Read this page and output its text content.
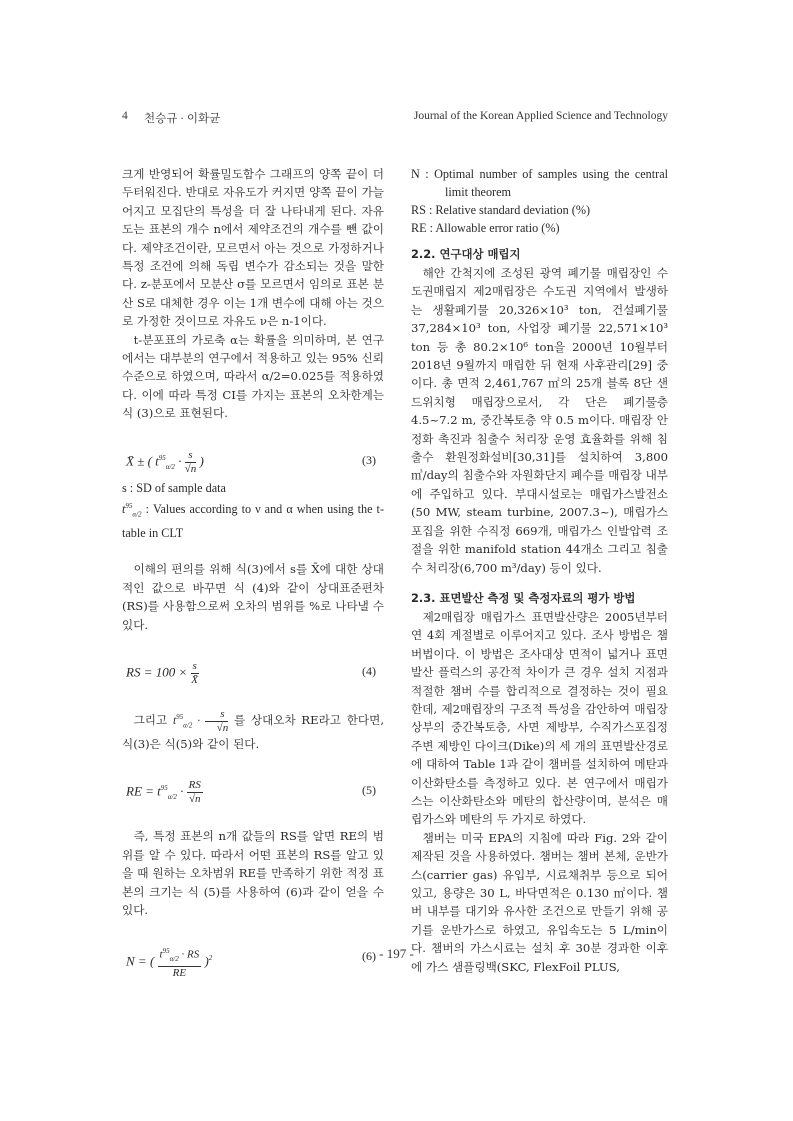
4 천승규 · 이화균	Journal of the Korean Applied Science and Technology

크게 반영되어 확률밀도함수 그래프의 양쪽 끝이 더 두터워진다. 반대로 자유도가 커지면 양쪽 끝이 가늘어지고 모집단의 특성을 더 잘 나타내게 된다. 자유도는 표본의 개수 n에서 제약조건의 개수를 뺀 값이다. 제약조건이란, 모르면서 아는 것으로 가정하거나 특정 조건에 의해 독립 변수가 감소되는 것을 말한다. z-분포에서 모분산 σ를 모르면서 임의로 표본 분산 S로 대체한 경우 이는 1개 변수에 대해 아는 것으로 가정한 것이므로 자유도 ν은 n-1이다.

t-분포표의 가로축 α는 확률을 의미하며, 본 연구에서는 대부분의 연구에서 적용하고 있는 95% 신뢰수준으로 하였으며, 따라서 α/2=0.025를 적용하였다. 이에 따라 특정 CI를 가지는 표본의 오차한계는 식 (3)으로 표현된다.

X̄ ± ( $t^{95}_{\alpha/2} \cdot \frac{s}{√n}$ )	(3)
s : SD of sample data
$t^{95}_{\alpha/2}$ : Values according to ν and α when using the t-table in CLT

이해의 편의를 위해 식(3)에서 s를 X̄에 대한 상대적인 값으로 바꾸면 식 (4)와 같이 상대표준편차(RS)를 사용함으로써 오차의 범위를 %로 나타낼 수 있다.

RS = $100 \times \frac{s}{X̄}$	(4)

그리고 $t^{95}_{\alpha/2} \cdot \frac{s}{√n}$ 를 상대오차 RE라고 한다면, 식(3)은 식(5)와 같이 된다.

RE = $t^{95}_{\alpha/2} \cdot \frac{RS}{√n}$	(5)

즉, 특정 표본의 n개 값들의 RS를 알면 RE의 범위를 알 수 있다. 따라서 어떤 표본의 RS를 알고 있을 때 원하는 오차범위 RE를 만족하기 위한 적정 표본의 크기는 식 (5)를 사용하여 (6)과 같이 얻을 수 있다.

N = ( $\frac{t^{95}_{\alpha/2} \cdot RS}{RE} )^2$	(6)
N : Optimal number of samples using the central limit theorem
RS : Relative standard deviation (%)
RE : Allowable error ratio (%)
2.2. 연구대상 매립지

해안 간척지에 조성된 광역 폐기물 매립장인 수도권매립지 제2매립장은 수도권 지역에서 발생하는 생활폐기물 20,326×10³ ton, 건설폐기물 37,284×10³ ton, 사업장 폐기물 22,571×10³ ton 등 총 80.2×10⁶ ton을 2000년 10월부터 2018년 9월까지 매립한 뒤 현재 사후관리[29] 중이다. 총 면적 2,461,767 ㎡의 25개 블록 8단 샌드위치형 매립장으로서, 각 단은 폐기물층 4.5~7.2 m, 중간복토층 약 0.5 m이다. 매립장 안정화 촉진과 침출수 처리장 운영 효율화를 위해 침출수 환원정화설비[30,31]를 설치하여 3,800 ㎥/day의 침출수와 자원화단지 폐수를 매립장 내부에 주입하고 있다. 부대시설로는 매립가스발전소(50 MW, steam turbine, 2007.3~), 매립가스 포집을 위한 수직정 669개, 매립가스 인발압력 조절을 위한 manifold station 44개소 그리고 침출수 처리장(6,700 m³/day) 등이 있다.

2.3. 표면발산 측정 및 측정자료의 평가 방법

제2매립장 매립가스 표면발산량은 2005년부터 연 4회 계절별로 이루어지고 있다. 조사 방법은 챔버법이다. 이 방법은 조사대상 면적이 넓거나 표면발산 플럭스의 공간적 차이가 큰 경우 설치 지점과 적절한 챔버 수를 합리적으로 결정하는 것이 필요한데, 제2매립장의 구조적 특성을 감안하여 매립장 상부의 중간복토층, 사면 제방부, 수직가스포집정 주변 제방인 다이크(Dike)의 세 개의 표면발산경로에 대하여 Table 1과 같이 챔버를 설치하여 메탄과 이산화탄소를 측정하고 있다. 본 연구에서 매립가스는 이산화탄소와 메탄의 합산량이며, 분석은 매립가스와 메탄의 두 가지로 하였다.

챔버는 미국 EPA의 지침에 따라 Fig. 2와 같이 제작된 것을 사용하였다. 챔버는 챔버 본체, 운반가스(carrier gas) 유입부, 시료채취부 등으로 되어 있고, 용량은 30 L, 바닥면적은 0.130 ㎡이다. 챔버 내부를 대기와 유사한 조건으로 만들기 위해 공기를 운반가스로 하였고, 유입속도는 5 L/min이다. 챔버의 가스시료는 설치 후 30분 경과한 이후에 가스 샘플링백(SKC, FlexFoil PLUS,

- 197 -
